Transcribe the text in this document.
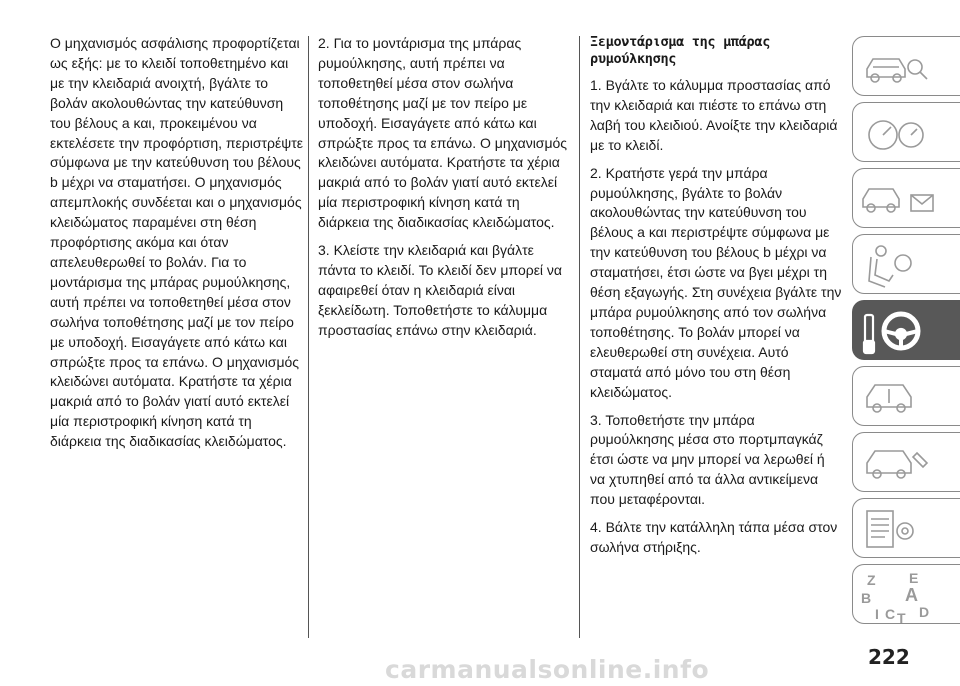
Ο μηχανισμός ασφάλισης προφορτίζεται ως εξής: με το κλειδί τοποθετημένο και με την κλειδαριά ανοιχτή, βγάλτε το βολάν ακολουθώντας την κατεύθυνση του βέλους a και, προκειμένου να εκτελέσετε την προφόρτιση, περιστρέψτε σύμφωνα με την κατεύθυνση του βέλους b μέχρι να σταματήσει. Ο μηχανισμός απεμπλοκής συνδέεται και ο μηχανισμός κλειδώματος παραμένει στη θέση προφόρτισης ακόμα και όταν απελευθερωθεί το βολάν. Για το μοντάρισμα της μπάρας ρυμούλκησης, αυτή πρέπει να τοποθετηθεί μέσα στον σωλήνα τοποθέτησης μαζί με τον πείρο με υποδοχή. Εισαγάγετε από κάτω και σπρώξτε προς τα επάνω. Ο μηχανισμός κλειδώνει αυτόματα. Κρατήστε τα χέρια μακριά από το βολάν γιατί αυτό εκτελεί μία περιστροφική κίνηση κατά τη διάρκεια της διαδικασίας κλειδώματος.

2. Για το μοντάρισμα της μπάρας ρυμούλκησης, αυτή πρέπει να τοποθετηθεί μέσα στον σωλήνα τοποθέτησης μαζί με τον πείρο με υποδοχή. Εισαγάγετε από κάτω και σπρώξτε προς τα επάνω. Ο μηχανισμός κλειδώνει αυτόματα. Κρατήστε τα χέρια μακριά από το βολάν γιατί αυτό εκτελεί μία περιστροφική κίνηση κατά τη διάρκεια της διαδικασίας κλειδώματος.

3. Κλείστε την κλειδαριά και βγάλτε πάντα το κλειδί. Το κλειδί δεν μπορεί να αφαιρεθεί όταν η κλειδαριά είναι ξεκλείδωτη. Τοποθετήστε το κάλυμμα προστασίας επάνω στην κλειδαριά.

Ξεμοντάρισμα της μπάρας ρυμούλκησης

1. Βγάλτε το κάλυμμα προστασίας από την κλειδαριά και πιέστε το επάνω στη λαβή του κλειδιού. Ανοίξτε την κλειδαριά με το κλειδί.

2. Κρατήστε γερά την μπάρα ρυμούλκησης, βγάλτε το βολάν ακολουθώντας την κατεύθυνση του βέλους a και περιστρέψτε σύμφωνα με την κατεύθυνση του βέλους b μέχρι να σταματήσει, έτσι ώστε να βγει μέχρι τη θέση εξαγωγής. Στη συνέχεια βγάλτε την μπάρα ρυμούλκησης από τον σωλήνα τοποθέτησης. Το βολάν μπορεί να ελευθερωθεί στη συνέχεια. Αυτό σταματά από μόνο του στη θέση κλειδώματος.

3. Τοποθετήστε την μπάρα ρυμούλκησης μέσα στο πορτμπαγκάζ έτσι ώστε να μην μπορεί να λερωθεί ή να χτυπηθεί από τα άλλα αντικείμενα που μεταφέρονται.

4. Βάλτε την κατάλληλη τάπα μέσα στον σωλήνα στήριξης.

Z E
B A
I C T D
carmanualsonline.info	222
